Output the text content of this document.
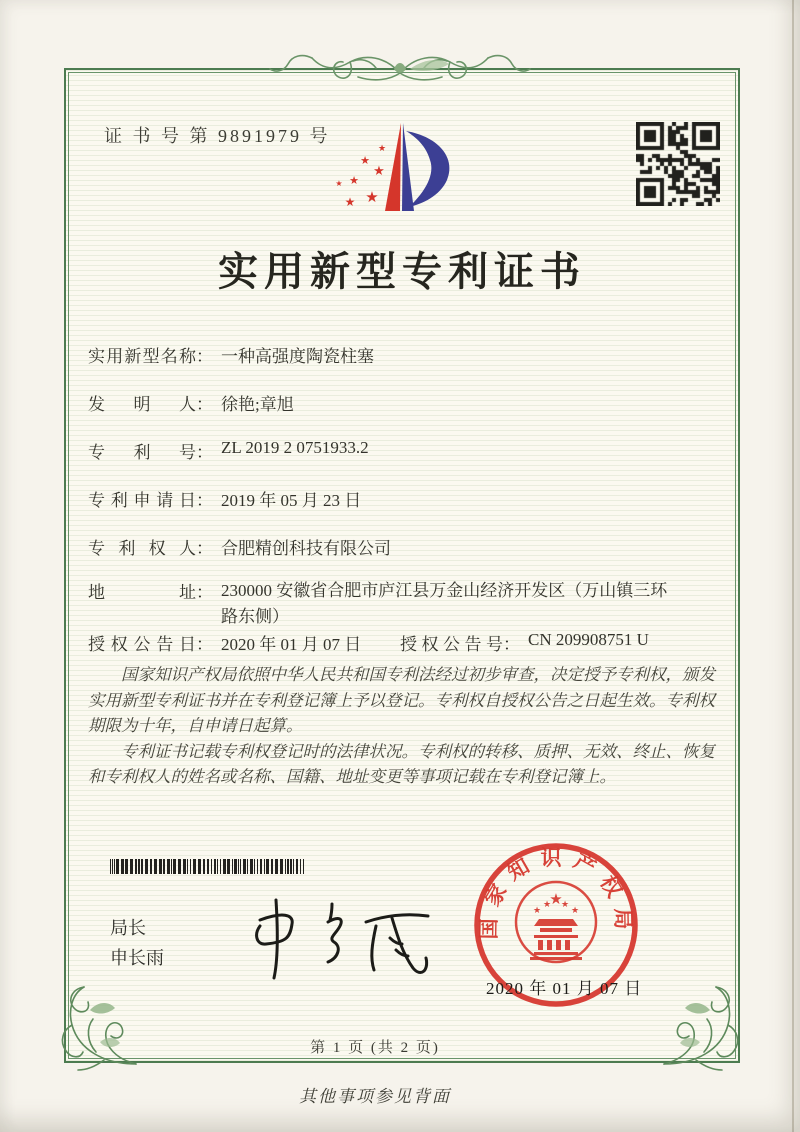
证 书 号 第 9891979 号
★
★
★
★
★
★
★
实用新型专利证书
实用新型名称： 一种高强度陶瓷柱塞
发明人： 徐艳;章旭
专利号： ZL 2019 2 0751933.2
专利申请日： 2019 年 05 月 23 日
专利权人： 合肥精创科技有限公司
地址： 230000 安徽省合肥市庐江县万金山经济开发区（万山镇三环路东侧）
授权公告日： 2020 年 01 月 07 日 授权公告号： CN 209908751 U

国家知识产权局依照中华人民共和国专利法经过初步审查，决定授予专利权，颁发实用新型专利证书并在专利登记簿上予以登记。专利权自授权公告之日起生效。专利权期限为十年，自申请日起算。

专利证书记载专利权登记时的法律状况。专利权的转移、质押、无效、终止、恢复和专利权人的姓名或名称、国籍、地址变更等事项记载在专利登记簿上。

局长
申长雨
国家知识产权局
★
★
★ ★
★
2020 年 01 月 07 日
第 1 页 (共 2 页)
其他事项参见背面
